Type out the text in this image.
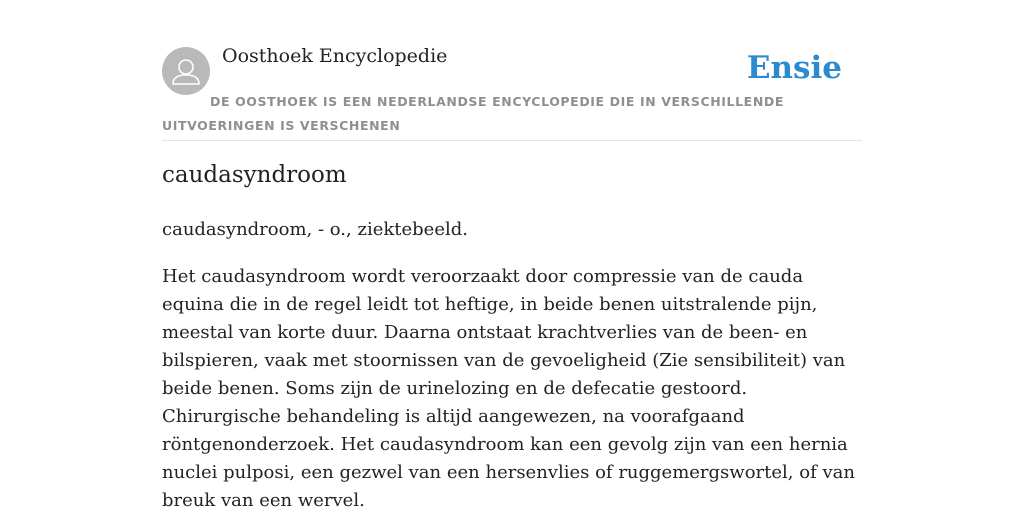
Oosthoek Encyclopedie	Ensie
DE OOSTHOEK IS EEN NEDERLANDSE ENCYCLOPEDIE DIE IN VERSCHILLENDE UITVOERINGEN IS VERSCHENEN
caudasyndroom

caudasyndroom, - o., ziektebeeld.

Het caudasyndroom wordt veroorzaakt door compressie van de cauda equina die in de regel leidt tot heftige, in beide benen uitstralende pijn, meestal van korte duur. Daarna ontstaat krachtverlies van de been- en bilspieren, vaak met stoornissen van de gevoeligheid (Zie sensibiliteit) van beide benen. Soms zijn de urinelozing en de defecatie gestoord. Chirurgische behandeling is altijd aangewezen, na voorafgaand röntgenonderzoek. Het caudasyndroom kan een gevolg zijn van een hernia nuclei pulposi, een gezwel van een hersenvlies of ruggemergswortel, of van breuk van een wervel.
